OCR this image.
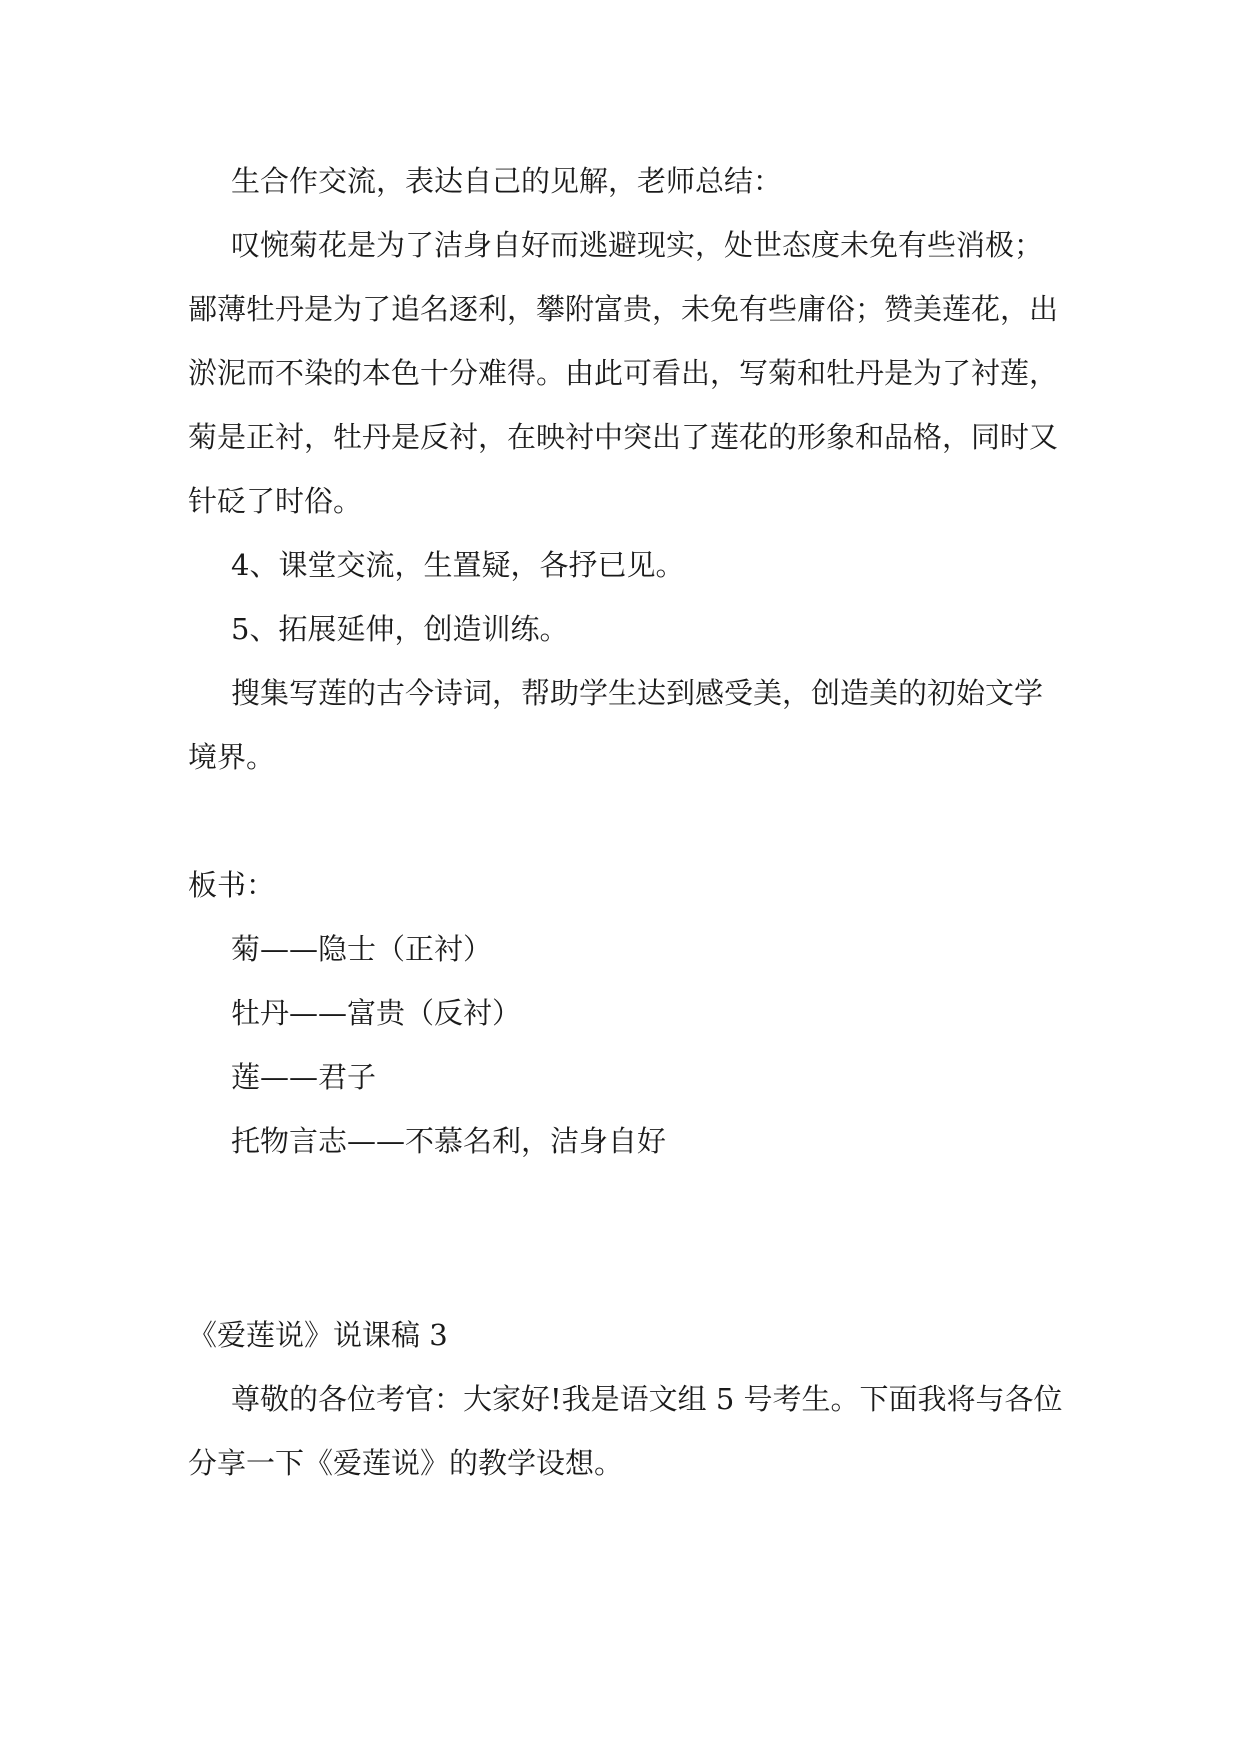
生合作交流，表达自己的见解，老师总结：
叹惋菊花是为了洁身自好而逃避现实，处世态度未免有些消极；
鄙薄牡丹是为了追名逐利，攀附富贵，未免有些庸俗；赞美莲花，出
淤泥而不染的本色十分难得。由此可看出，写菊和牡丹是为了衬莲，
菊是正衬，牡丹是反衬，在映衬中突出了莲花的形象和品格，同时又
针砭了时俗。
4、课堂交流，生置疑，各抒已见。
5、拓展延伸，创造训练。
搜集写莲的古今诗词，帮助学生达到感受美，创造美的初始文学
境界。
板书：
菊——隐士（正衬）
牡丹——富贵（反衬）
莲——君子
托物言志——不慕名利，洁身自好
《爱莲说》说课稿 3
尊敬的各位考官：大家好!我是语文组 5 号考生。下面我将与各位
分享一下《爱莲说》的教学设想。
